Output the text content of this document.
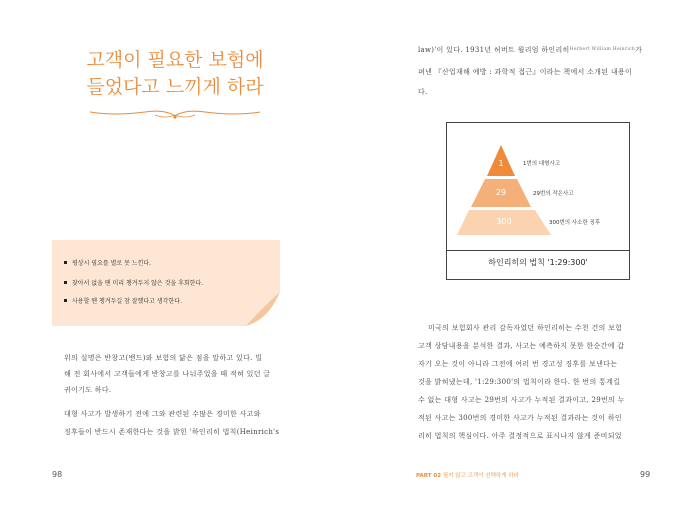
고객이 필요한 보험에
들었다고 느끼게 하라
평상시 필요를 별로 못 느낀다.
찾아서 없을 땐 미리 챙겨두지 않은 것을 후회한다.
사용할 땐 챙겨두길 참 잘했다고 생각한다.
위의 설명은 반창고(밴드)와 보험의 닮은 점을 말하고 있다. 빌
해 전 회사에서 고객들에게 반창고를 나눠주었을 때 적혀 있던 글
귀이기도 하다.
대형 사고가 발생하기 전에 그와 관련된 수많은 경미한 사고와
징후들이 반드시 존재한다는 것을 밝힌 '하인리히 법칙(Heinrich's
98
law)'이 있다. 1931년 허버트 윌리엄 하인리히$^{Herbert William Heinrich}$가
펴낸 『산업재해 예방 : 과학적 접근』이라는 책에서 소개된 내용이
다.
1
29
300
1번의 대형사고
29번의 작은사고
300번의 사소한 징후
하인리히의 법칙 '1:29:300'
미국의 보험회사 관리 감독자였던 하인리히는 수천 건의 보험
고객 상담내용을 분석한 결과, 사고는 예측하지 못한 한순간에 갑
자기 오는 것이 아니라 그전에 여러 번 경고성 징후를 보낸다는
것을 밝혀냈는데, '1:29:300'의 법칙이라 한다. 한 번의 통계킬
수 없는 대형 사고는 29번의 사고가 누적된 결과이고, 29번의 누
적된 사고는 300번의 경미한 사고가 누적된 결과라는 것이 하인
리히 법칙의 핵심이다. 아주 결정적으로 표시나지 않게 준비되었
PART 02 필지 않고 고객이 선택하게 하라	99
